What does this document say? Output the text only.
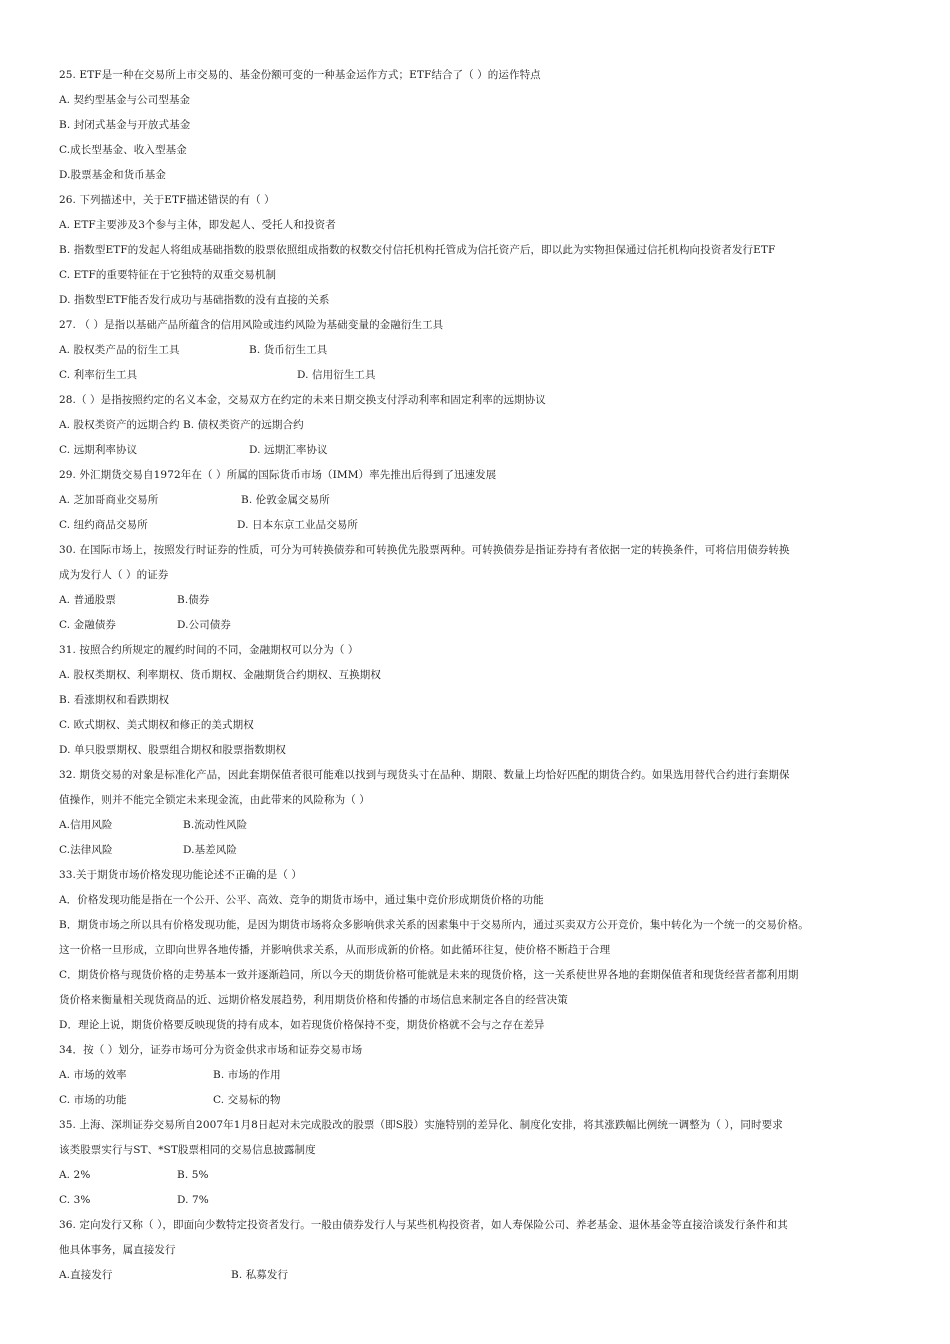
25. ETF是一种在交易所上市交易的、基金份额可变的一种基金运作方式；ETF结合了（ ）的运作特点
A. 契约型基金与公司型基金
B. 封闭式基金与开放式基金
C.成长型基金、收入型基金
D.股票基金和货币基金
26. 下列描述中，关于ETF描述错误的有（ ）
A. ETF主要涉及3个参与主体，即发起人、受托人和投资者
B. 指数型ETF的发起人将组成基础指数的股票依照组成指数的权数交付信托机构托管成为信托资产后，即以此为实物担保通过信托机构向投资者发行ETF
C. ETF的重要特征在于它独特的双重交易机制
D. 指数型ETF能否发行成功与基础指数的没有直接的关系
27. （ ）是指以基础产品所蕴含的信用风险或违约风险为基础变量的金融衍生工具
A. 股权类产品的衍生工具	B. 货币衍生工具
C. 利率衍生工具	D. 信用衍生工具
28.（ ）是指按照约定的名义本金，交易双方在约定的未来日期交换支付浮动利率和固定利率的远期协议
A. 股权类资产的远期合约 B. 债权类资产的远期合约
C. 远期利率协议	D. 远期汇率协议
29. 外汇期货交易自1972年在（ ）所属的国际货币市场（IMM）率先推出后得到了迅速发展
A. 芝加哥商业交易所	B. 伦敦金属交易所
C. 纽约商品交易所	D. 日本东京工业品交易所
30. 在国际市场上，按照发行时证券的性质，可分为可转换债券和可转换优先股票两种。可转换债券是指证券持有者依据一定的转换条件，可将信用债券转换
成为发行人（ ）的证券
A. 普通股票	B.债券
C. 金融债券	D.公司债券
31. 按照合约所规定的履约时间的不同，金融期权可以分为（ ）
A. 股权类期权、利率期权、货币期权、金融期货合约期权、互换期权
B. 看涨期权和看跌期权
C. 欧式期权、美式期权和修正的美式期权
D. 单只股票期权、股票组合期权和股票指数期权
32. 期货交易的对象是标准化产品，因此套期保值者很可能难以找到与现货头寸在品种、期限、数量上均恰好匹配的期货合约。如果选用替代合约进行套期保
值操作，则并不能完全锁定未来现金流，由此带来的风险称为（ ）
A.信用风险	B.流动性风险
C.法律风险	D.基差风险
33.关于期货市场价格发现功能论述不正确的是（ ）
A．价格发现功能是指在一个公开、公平、高效、竞争的期货市场中，通过集中竞价形成期货价格的功能
B．期货市场之所以具有价格发现功能，是因为期货市场将众多影响供求关系的因素集中于交易所内，通过买卖双方公开竞价，集中转化为一个统一的交易价格。
这一价格一旦形成，立即向世界各地传播，并影响供求关系，从而形成新的价格。如此循环往复，使价格不断趋于合理
C．期货价格与现货价格的走势基本一致并逐渐趋同，所以今天的期货价格可能就是未来的现货价格，这一关系使世界各地的套期保值者和现货经营者都利用期
货价格来衡量相关现货商品的近、远期价格发展趋势，利用期货价格和传播的市场信息来制定各自的经营决策
D．理论上说，期货价格要反映现货的持有成本，如若现货价格保持不变，期货价格就不会与之存在差异
34．按（ ）划分，证券市场可分为资金供求市场和证券交易市场
A. 市场的效率	B. 市场的作用
C. 市场的功能	C. 交易标的物
35. 上海、深圳证券交易所自2007年1月8日起对未完成股改的股票（即S股）实施特别的差异化、制度化安排，将其涨跌幅比例统一调整为（ ），同时要求
该类股票实行与ST、*ST股票相同的交易信息披露制度
A. 2%	B. 5%
C. 3%	D. 7%
36. 定向发行又称（ ），即面向少数特定投资者发行。一般由债券发行人与某些机构投资者，如人寿保险公司、养老基金、退休基金等直接洽谈发行条件和其
他具体事务，属直接发行
A.直接发行	B. 私募发行
